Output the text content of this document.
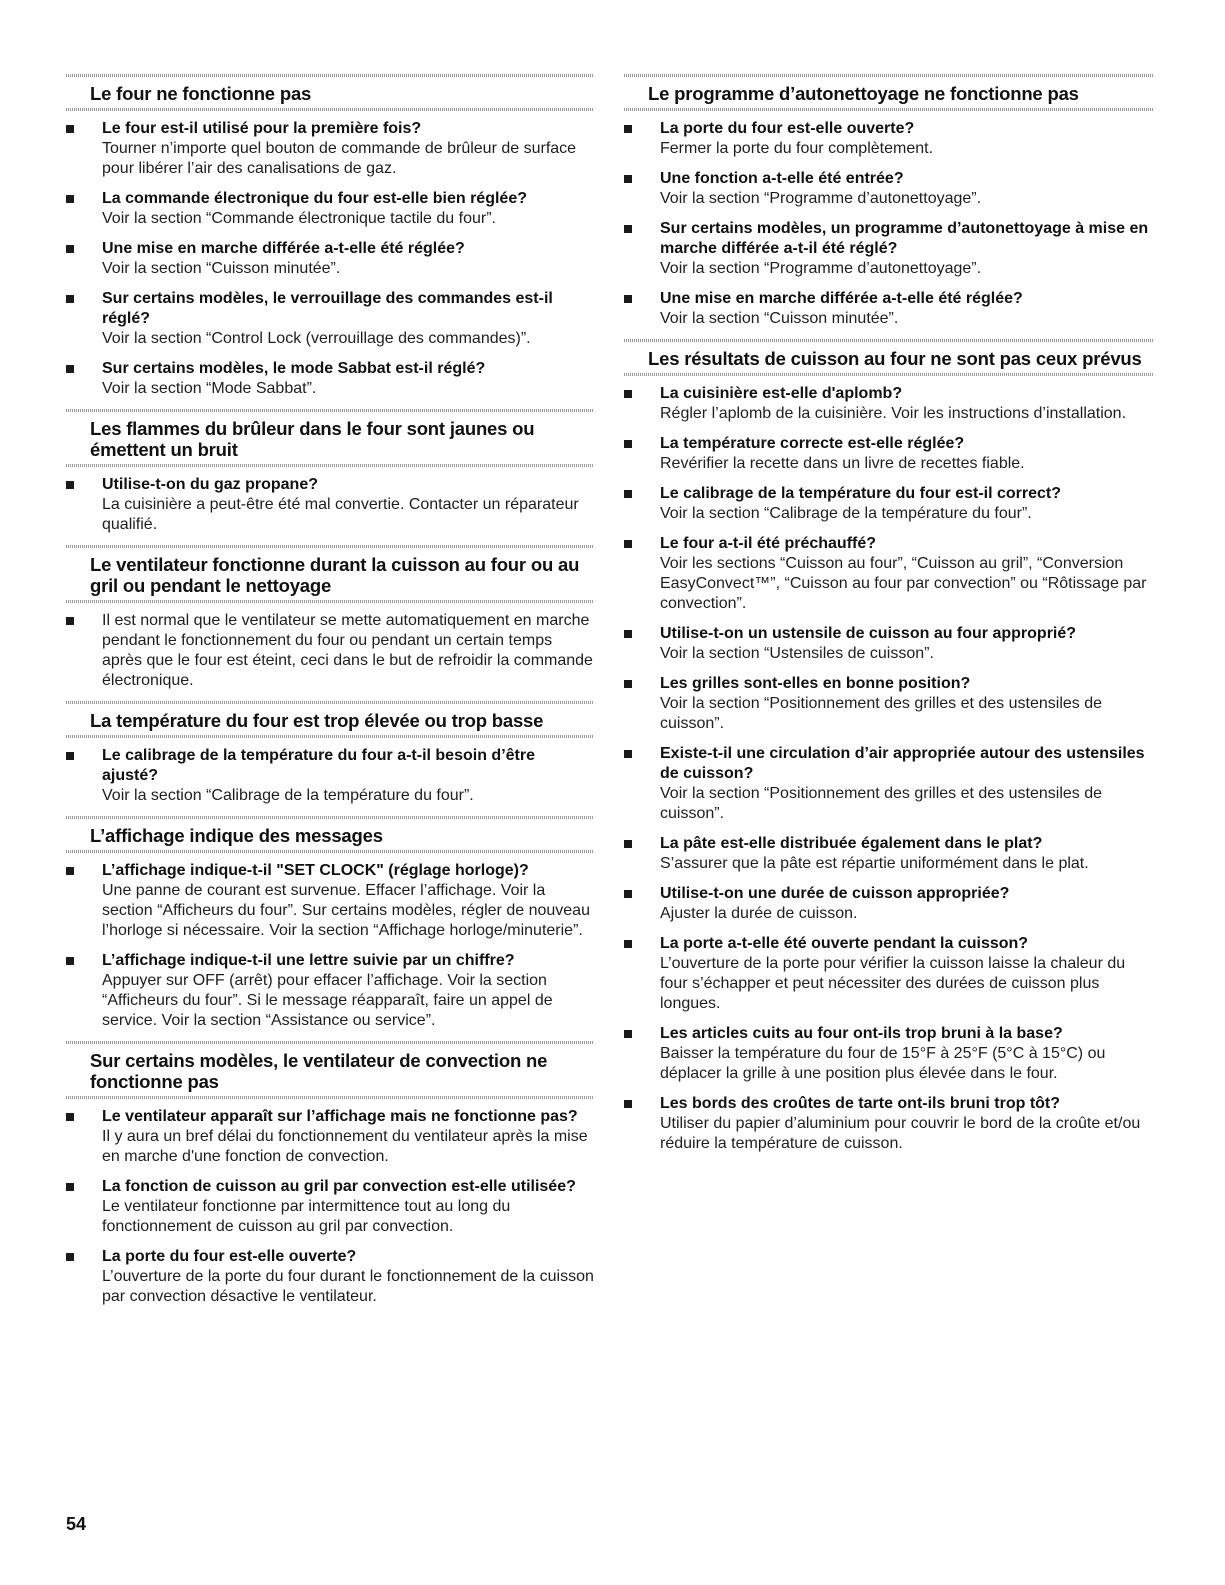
Le four ne fonctionne pas
Le four est-il utilisé pour la première fois?
Tourner n’importe quel bouton de commande de brûleur de surface pour libérer l’air des canalisations de gaz.
La commande électronique du four est-elle bien réglée?
Voir la section “Commande électronique tactile du four”.
Une mise en marche différée a-t-elle été réglée?
Voir la section “Cuisson minutée”.
Sur certains modèles, le verrouillage des commandes est-il réglé?
Voir la section “Control Lock (verrouillage des commandes)”.
Sur certains modèles, le mode Sabbat est-il réglé?
Voir la section “Mode Sabbat”.
Les flammes du brûleur dans le four sont jaunes ou émettent un bruit
Utilise-t-on du gaz propane?
La cuisinière a peut-être été mal convertie. Contacter un réparateur qualifié.
Le ventilateur fonctionne durant la cuisson au four ou au gril ou pendant le nettoyage
Il est normal que le ventilateur se mette automatiquement en marche pendant le fonctionnement du four ou pendant un certain temps après que le four est éteint, ceci dans le but de refroidir la commande électronique.
La température du four est trop élevée ou trop basse
Le calibrage de la température du four a-t-il besoin d’être ajusté?
Voir la section “Calibrage de la température du four”.
L’affichage indique des messages
L’affichage indique-t-il "SET CLOCK" (réglage horloge)?
Une panne de courant est survenue. Effacer l’affichage. Voir la section “Afficheurs du four”. Sur certains modèles, régler de nouveau l’horloge si nécessaire. Voir la section “Affichage horloge/minuterie”.
L’affichage indique-t-il une lettre suivie par un chiffre?
Appuyer sur OFF (arrêt) pour effacer l’affichage. Voir la section “Afficheurs du four”. Si le message réapparaît, faire un appel de service. Voir la section “Assistance ou service”.
Sur certains modèles, le ventilateur de convection ne fonctionne pas
Le ventilateur apparaît sur l’affichage mais ne fonctionne pas?
Il y aura un bref délai du fonctionnement du ventilateur après la mise en marche d'une fonction de convection.
La fonction de cuisson au gril par convection est-elle utilisée?
Le ventilateur fonctionne par intermittence tout au long du fonctionnement de cuisson au gril par convection.
La porte du four est-elle ouverte?
L’ouverture de la porte du four durant le fonctionnement de la cuisson par convection désactive le ventilateur.
Le programme d’autonettoyage ne fonctionne pas
La porte du four est-elle ouverte?
Fermer la porte du four complètement.
Une fonction a-t-elle été entrée?
Voir la section “Programme d’autonettoyage”.
Sur certains modèles, un programme d’autonettoyage à mise en marche différée a-t-il été réglé?
Voir la section “Programme d’autonettoyage”.
Une mise en marche différée a-t-elle été réglée?
Voir la section “Cuisson minutée”.
Les résultats de cuisson au four ne sont pas ceux prévus
La cuisinière est-elle d'aplomb?
Régler l’aplomb de la cuisinière. Voir les instructions d’installation.
La température correcte est-elle réglée?
Revérifier la recette dans un livre de recettes fiable.
Le calibrage de la température du four est-il correct?
Voir la section “Calibrage de la température du four”.
Le four a-t-il été préchauffé?
Voir les sections “Cuisson au four”, “Cuisson au gril”, “Conversion EasyConvect™”, “Cuisson au four par convection” ou “Rôtissage par convection”.
Utilise-t-on un ustensile de cuisson au four approprié?
Voir la section “Ustensiles de cuisson”.
Les grilles sont-elles en bonne position?
Voir la section “Positionnement des grilles et des ustensiles de cuisson”.
Existe-t-il une circulation d’air appropriée autour des ustensiles de cuisson?
Voir la section “Positionnement des grilles et des ustensiles de cuisson”.
La pâte est-elle distribuée également dans le plat?
S’assurer que la pâte est répartie uniformément dans le plat.
Utilise-t-on une durée de cuisson appropriée?
Ajuster la durée de cuisson.
La porte a-t-elle été ouverte pendant la cuisson?
L’ouverture de la porte pour vérifier la cuisson laisse la chaleur du four s’échapper et peut nécessiter des durées de cuisson plus longues.
Les articles cuits au four ont-ils trop bruni à la base?
Baisser la température du four de 15°F à 25°F (5°C à 15°C) ou déplacer la grille à une position plus élevée dans le four.
Les bords des croûtes de tarte ont-ils bruni trop tôt?
Utiliser du papier d’aluminium pour couvrir le bord de la croûte et/ou réduire la température de cuisson.
54
